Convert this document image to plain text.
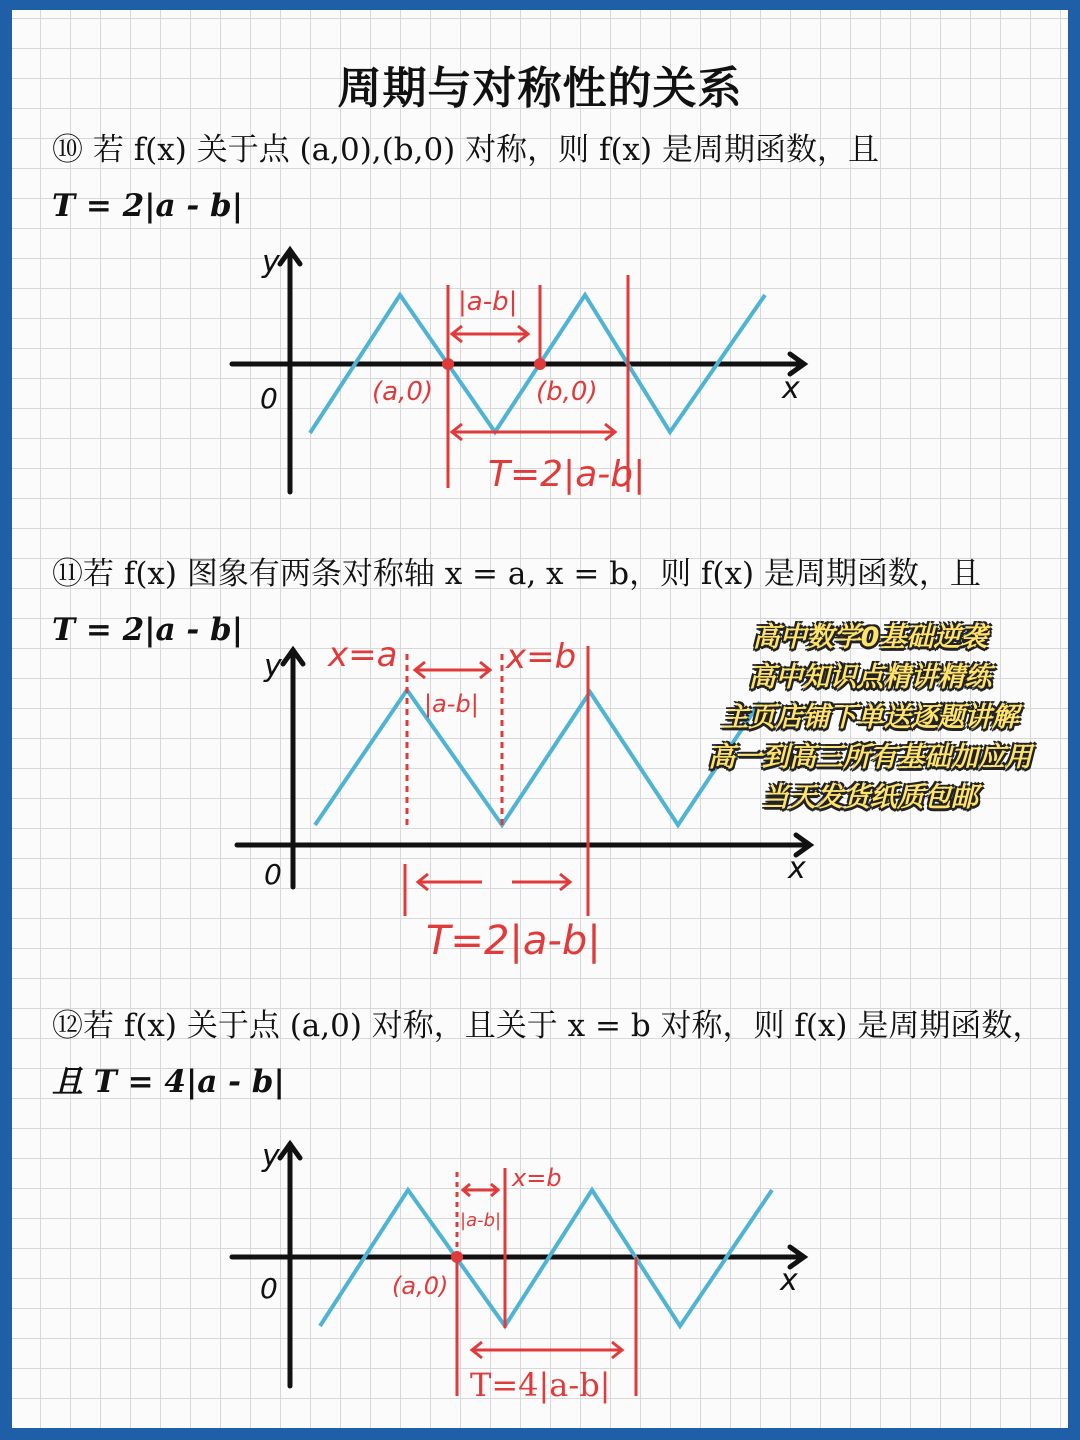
周期与对称性的关系
⑩ 若 f(x) 关于点 (a,0),(b,0) 对称，则 f(x) 是周期函数，且
T = 2|a - b|
y
x
0	(a,0)	(b,0)
|a-b|
T=2|a-b|
⑪若 f(x) 图象有两条对称轴 x = a, x = b，则 f(x) 是周期函数，且
T = 2|a - b|
y
x
0
x=a	x=b
|a-b|
T=2|a-b|
高中数学0基础逆袭
高中知识点精讲精练
主页店铺下单送逐题讲解
高一到高三所有基础加应用
当天发货纸质包邮
⑫若 f(x) 关于点 (a,0) 对称，且关于 x = b 对称，则 f(x) 是周期函数，
且 T = 4|a - b|
y
x
0	(a,0)
x=b
|a-b|
T=4|a-b|
